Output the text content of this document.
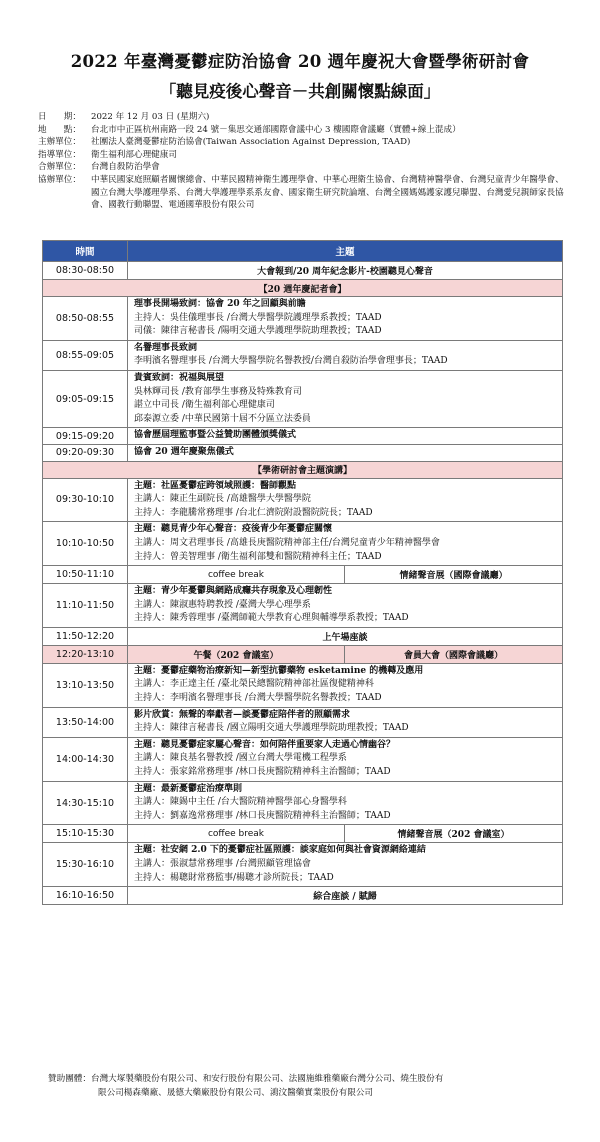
2022 年臺灣憂鬱症防治協會 20 週年慶祝大會暨學術研討會
「聽見疫後心聲音－共創關懷點線面」
日　　期：	2022 年 12 月 03 日 (星期六)
地　　點：	台北市中正區杭州南路一段 24 號－集思交通部國際會議中心 3 樓國際會議廳（實體+線上混成）
主辦單位：	社團法人臺灣憂鬱症防治協會(Taiwan Association Against Depression, TAAD)
指導單位：	衛生福利部心理健康司
合辦單位：	台灣自殺防治學會
協辦單位：	中華民國家庭照顧者關懷總會、中華民國精神衛生護理學會、中華心理衛生協會、台灣精神醫學會、台灣兒童青少年醫學會、國立台灣大學護理學系、台灣大學護理學系系友會、國家衛生研究院論壇、台灣全國媽媽護家護兒聯盟、台灣愛兒親師家長協會、國教行動聯盟、電通國華股份有限公司
時間	主題	
08:30-08:50	大會報到/20 周年紀念影片-校園聽見心聲音	
【20 週年慶記者會】		
08:50-08:55	理事長開場致詞：協會 20 年之回顧與前瞻
主持人：吳佳儀理事長 /台灣大學醫學院護理學系教授；TAAD
司儀：陳律言秘書長 /陽明交通大學護理學院助理教授；TAAD	

08:55-09:05	名譽理事長致詞
李明濱名譽理事長 /台灣大學醫學院名譽教授/台灣自殺防治學會理事長；TAAD	

09:05-09:15	貴賓致詞：祝福與展望
吳林輝司長 /教育部學生事務及特殊教育司
諶立中司長 /衛生福利部心理健康司
邱泰源立委 /中華民國第十屆不分區立法委員	

09:15-09:20	協會歷屆理監事暨公益贊助團體頒獎儀式	

09:20-09:30	協會 20 週年慶聚焦儀式	

【學術研討會主題演講】		
09:30-10:10	主題：社區憂鬱症跨領域照護：醫師觀點
主講人：陳正生副院長 /高雄醫學大學醫學院
主持人：李龍騰常務理事 /台北仁濟院附設醫院院長；TAAD	

10:10-10:50	主題：聽見青少年心聲音：疫後青少年憂鬱症關懷
主講人：周文君理事長 /高雄長庚醫院精神部主任/台灣兒童青少年精神醫學會
主持人：曾美智理事 /衛生福利部雙和醫院精神科主任；TAAD	

10:50-11:10	coffee break	情緒聲音展（國際會議廳）
11:10-11:50	主題：青少年憂鬱與網路成癮共存現象及心理韌性
主講人：陳淑惠特聘教授 /臺灣大學心理學系
主持人：陳秀蓉理事 /臺灣師範大學教育心理與輔導學系教授；TAAD	

11:50-12:20	上午場座談	
12:20-13:10	午餐（202 會議室）	會員大會（國際會議廳）
13:10-13:50	主題：憂鬱症藥物治療新知—新型抗鬱藥物 esketamine 的機轉及應用
主講人：李正達主任 /臺北榮民總醫院精神部社區復健精神科
主持人：李明濱名譽理事長 /台灣大學醫學院名譽教授；TAAD	

13:50-14:00	影片欣賞：無聲的奉獻者—談憂鬱症陪伴者的照顧需求
主持人：陳律言秘書長 /國立陽明交通大學護理學院助理教授；TAAD	

14:00-14:30	主題：聽見憂鬱症家屬心聲音：如何陪伴重要家人走過心情幽谷？
主講人：陳良基名譽教授 /國立台灣大學電機工程學系
主持人：張家銘常務理事 /林口長庚醫院精神科主治醫師；TAAD	

14:30-15:10	主題：最新憂鬱症治療準則
主講人：陳錫中主任 /台大醫院精神醫學部心身醫學科
主持人：劉嘉逸常務理事 /林口長庚醫院精神科主治醫師；TAAD	

15:10-15:30	coffee break	情緒聲音展（202 會議室）
15:30-16:10	主題：社安網 2.0 下的憂鬱症社區照護：談家庭如何與社會資源網絡連結
主講人：張淑慧常務理事 /台灣照顧管理協會
主持人：楊聰財常務監事/楊聰才診所院長；TAAD	

16:10-16:50	綜合座談 / 賦歸	
贊助團體：台灣大塚製藥股份有限公司、和安行股份有限公司、法國施維雅藥廠台灣分公司、燒生股份有

限公司楊森藥廠、晟德大藥廠股份有限公司、鴻汶醫藥實業股份有限公司
